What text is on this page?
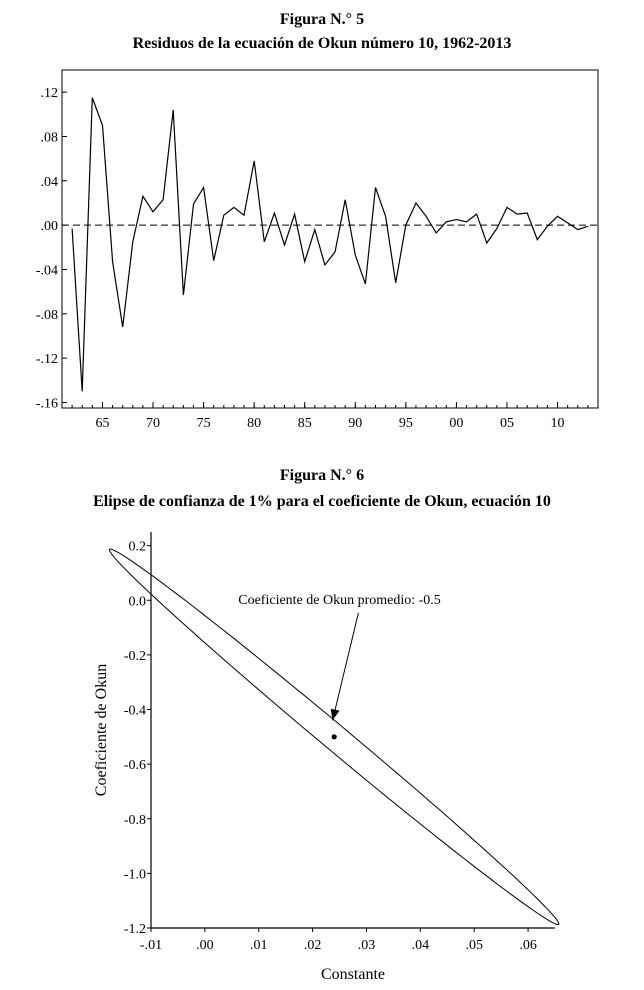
Figura N.° 5
Residuos de la ecuación de Okun número 10, 1962-2013
.12
.08
.04
.00
-.04
-.08
-.12
-.16
65	70	75	80	85	90	95	00	05	10
Figura N.° 6
Elipse de confianza de 1% para el coeficiente de Okun, ecuación 10
0.2
0.0
-0.2
-0.4
-0.6
-0.8
-1.0
-1.2
-.01 .00	.01	.02	.03	.04	.05	.06
Constante
Coeficiente de Okun
Coeficiente de Okun promedio: -0.5
